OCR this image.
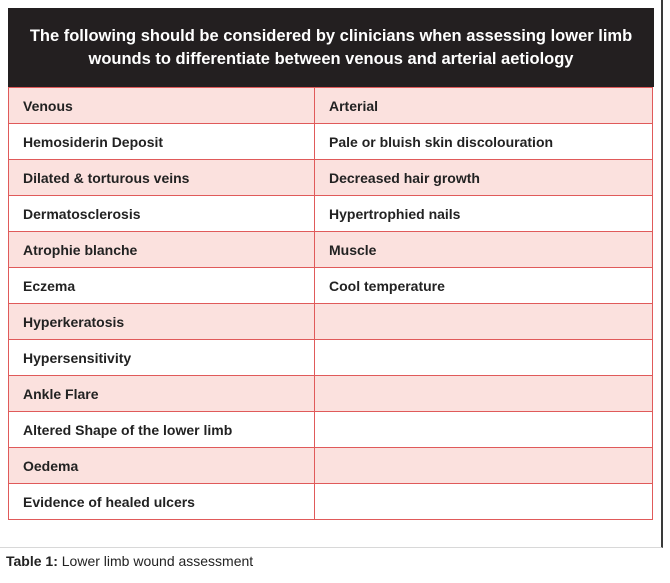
The following should be considered by clinicians when assessing lower limb wounds to differentiate between venous and arterial aetiology
Venous	Arterial
Hemosiderin Deposit	Pale or bluish skin discolouration
Dilated & torturous veins	Decreased hair growth
Dermatosclerosis	Hypertrophied nails
Atrophie blanche	Muscle
Eczema	Cool temperature
Hyperkeratosis	
Hypersensitivity	
Ankle Flare	
Altered Shape of the lower limb	
Oedema	
Evidence of healed ulcers	
Table 1: Lower limb wound assessment
